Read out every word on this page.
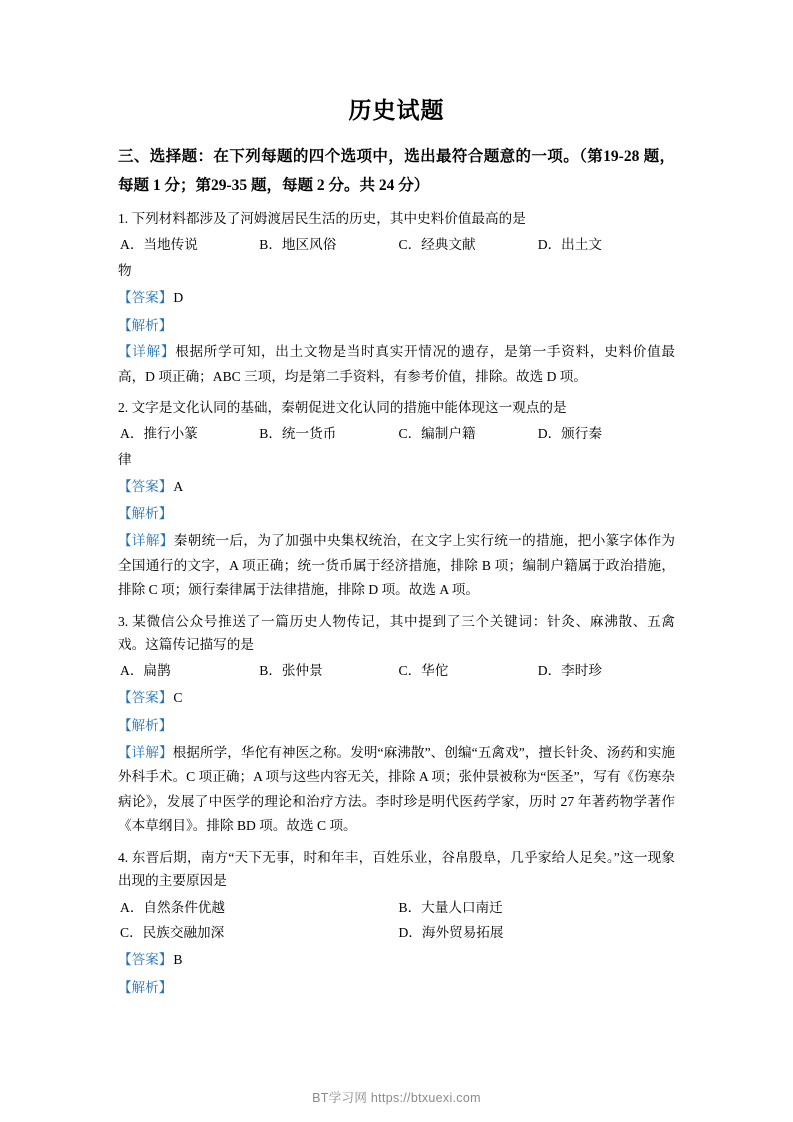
历史试题
三、选择题：在下列每题的四个选项中，选出最符合题意的一项。（第19-28 题，每题 1 分；第29-35 题，每题 2 分。共 24 分）
1. 下列材料都涉及了河姆渡居民生活的历史，其中史料价值最高的是
A．当地传说	B．地区风俗	C．经典文献	D．出土文
物
【答案】D
【解析】
【详解】根据所学可知，出土文物是当时真实开情况的遗存，是第一手资料，史料价值最高，D 项正确；ABC 三项，均是第二手资料，有参考价值，排除。故选 D 项。
2. 文字是文化认同的基础，秦朝促进文化认同的措施中能体现这一观点的是
A．推行小篆	B．统一货币	C．编制户籍	D．颁行秦
律
【答案】A
【解析】
【详解】秦朝统一后，为了加强中央集权统治，在文字上实行统一的措施，把小篆字体作为全国通行的文字，A 项正确；统一货币属于经济措施，排除 B 项；编制户籍属于政治措施，排除 C 项；颁行秦律属于法律措施，排除 D 项。故选 A 项。
3. 某微信公众号推送了一篇历史人物传记，其中提到了三个关键词：针灸、麻沸散、五禽戏。这篇传记描写的是
A．扁鹊	B．张仲景	C．华佗	D．李时珍
【答案】C
【解析】
【详解】根据所学，华佗有神医之称。发明“麻沸散”、创编“五禽戏”，擅长针灸、汤药和实施外科手术。C 项正确；A 项与这些内容无关，排除 A 项；张仲景被称为“医圣”，写有《伤寒杂病论》，发展了中医学的理论和治疗方法。李时珍是明代医药学家，历时 27 年著药物学著作《本草纲目》。排除 BD 项。故选 C 项。
4. 东晋后期，南方“天下无事，时和年丰，百姓乐业，谷帛殷阜，几乎家给人足矣。”这一现象出现的主要原因是
A．自然条件优越	B．大量人口南迁
C．民族交融加深	D．海外贸易拓展
【答案】B
【解析】
BT学习网 https://btxuexi.com
